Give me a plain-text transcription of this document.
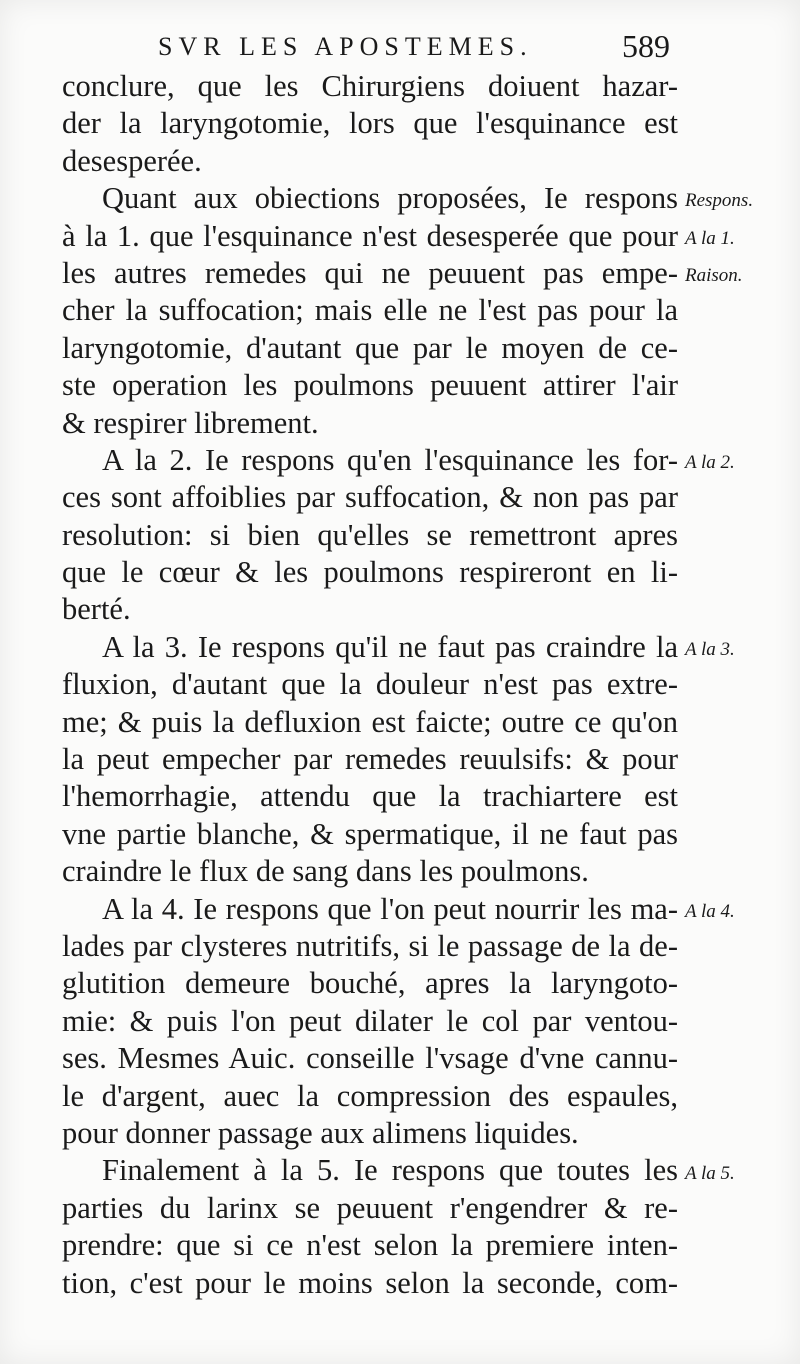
SVR LES APOSTEMES.	589
conclure, que les Chirurgiens doiuent hazar-
der la laryngotomie, lors que l'esquinance est
desesperée.
Quant aux obiections proposées, Ie respons
à la 1. que l'esquinance n'est desesperée que pour
les autres remedes qui ne peuuent pas empe-
cher la suffocation; mais elle ne l'est pas pour la
laryngotomie, d'autant que par le moyen de ce-
ste operation les poulmons peuuent attirer l'air
& respirer librement.
A la 2. Ie respons qu'en l'esquinance les for-
ces sont affoiblies par suffocation, & non pas par
resolution: si bien qu'elles se remettront apres
que le cœur & les poulmons respireront en li-
berté.
A la 3. Ie respons qu'il ne faut pas craindre la
fluxion, d'autant que la douleur n'est pas extre-
me; & puis la defluxion est faicte; outre ce qu'on
la peut empecher par remedes reuulsifs: & pour
l'hemorrhagie, attendu que la trachiartere est
vne partie blanche, & spermatique, il ne faut pas
craindre le flux de sang dans les poulmons.
A la 4. Ie respons que l'on peut nourrir les ma-
lades par clysteres nutritifs, si le passage de la de-
glutition demeure bouché, apres la laryngoto-
mie: & puis l'on peut dilater le col par ventou-
ses. Mesmes Auic. conseille l'vsage d'vne cannu-
le d'argent, auec la compression des espaules,
pour donner passage aux alimens liquides.
Finalement à la 5. Ie respons que toutes les
parties du larinx se peuuent r'engendrer & re-
prendre: que si ce n'est selon la premiere inten-
tion, c'est pour le moins selon la seconde, com-
Respons.
A la 1.
Raison.
A la 2.
A la 3.
A la 4.
A la 5.
